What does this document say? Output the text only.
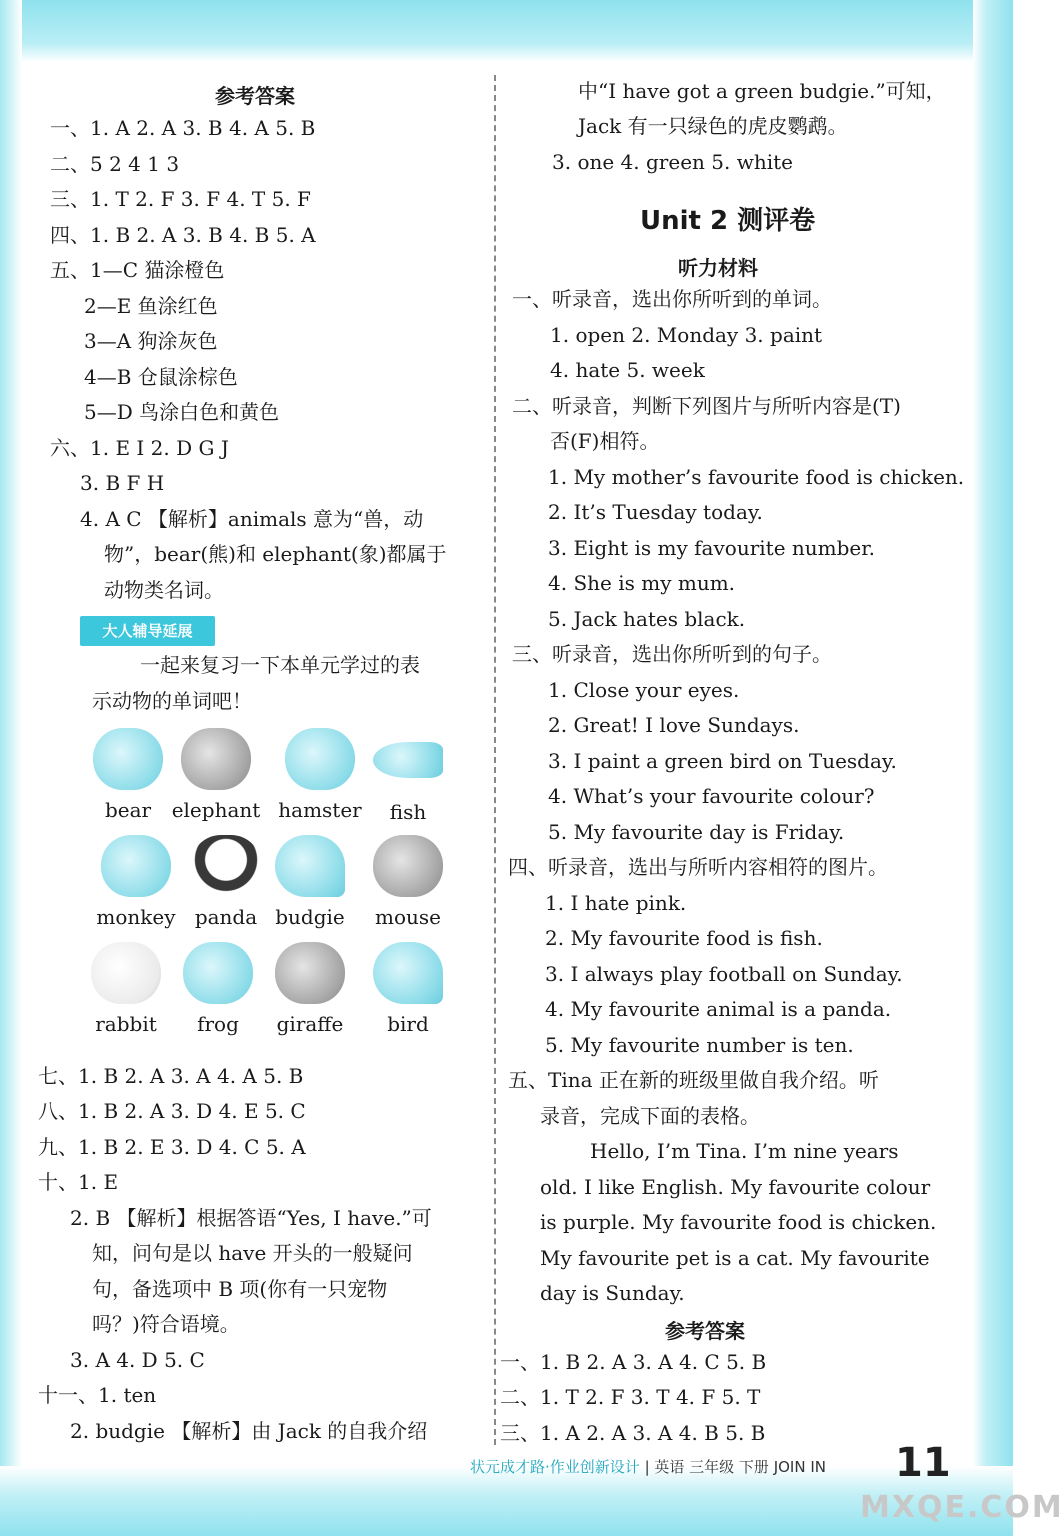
参考答案
一、1. A 2. A 3. B 4. A 5. B
二、5 2 4 1 3
三、1. T 2. F 3. F 4. T 5. F
四、1. B 2. A 3. B 4. B 5. A
五、1—C 猫涂橙色
2—E 鱼涂红色
3—A 狗涂灰色
4—B 仓鼠涂棕色
5—D 鸟涂白色和黄色
六、1. E I 2. D G J
3. B F H
4. A C 【解析】animals 意为“兽，动
物”，bear(熊)和 elephant(象)都属于
动物类名词。
大人辅导延展
一起来复习一下本单元学过的表
示动物的单词吧！
bear	elephant hamster	fish
monkey panda budgie	mouse
rabbit	frog	giraffe	bird
七、1. B 2. A 3. A 4. A 5. B
八、1. B 2. A 3. D 4. E 5. C
九、1. B 2. E 3. D 4. C 5. A
十、1. E
2. B 【解析】根据答语“Yes, I have.”可
知，问句是以 have 开头的一般疑问
句，备选项中 B 项(你有一只宠物
吗？)符合语境。
3. A 4. D 5. C
十一、1. ten
2. budgie 【解析】由 Jack 的自我介绍
中“I have got a green budgie.”可知，
Jack 有一只绿色的虎皮鹦鹉。
3. one 4. green 5. white
Unit 2 测评卷
听力材料
一、听录音，选出你所听到的单词。
1. open 2. Monday 3. paint
4. hate 5. week
二、听录音，判断下列图片与所听内容是(T)
否(F)相符。
1. My mother’s favourite food is chicken.
2. It’s Tuesday today.
3. Eight is my favourite number.
4. She is my mum.
5. Jack hates black.
三、听录音，选出你所听到的句子。
1. Close your eyes.
2. Great! I love Sundays.
3. I paint a green bird on Tuesday.
4. What’s your favourite colour?
5. My favourite day is Friday.
四、听录音，选出与所听内容相符的图片。
1. I hate pink.
2. My favourite food is fish.
3. I always play football on Sunday.
4. My favourite animal is a panda.
5. My favourite number is ten.
五、Tina 正在新的班级里做自我介绍。听
录音，完成下面的表格。
Hello, I’m Tina. I’m nine years
old. I like English. My favourite colour
is purple. My favourite food is chicken.
My favourite pet is a cat. My favourite
day is Sunday.
参考答案
一、1. B 2. A 3. A 4. C 5. B
二、1. T 2. F 3. T 4. F 5. T
三、1. A 2. A 3. A 4. B 5. B
状元成才路·作业创新设计 | 英语 三年级 下册 JOIN IN 11
MXQE.COM
